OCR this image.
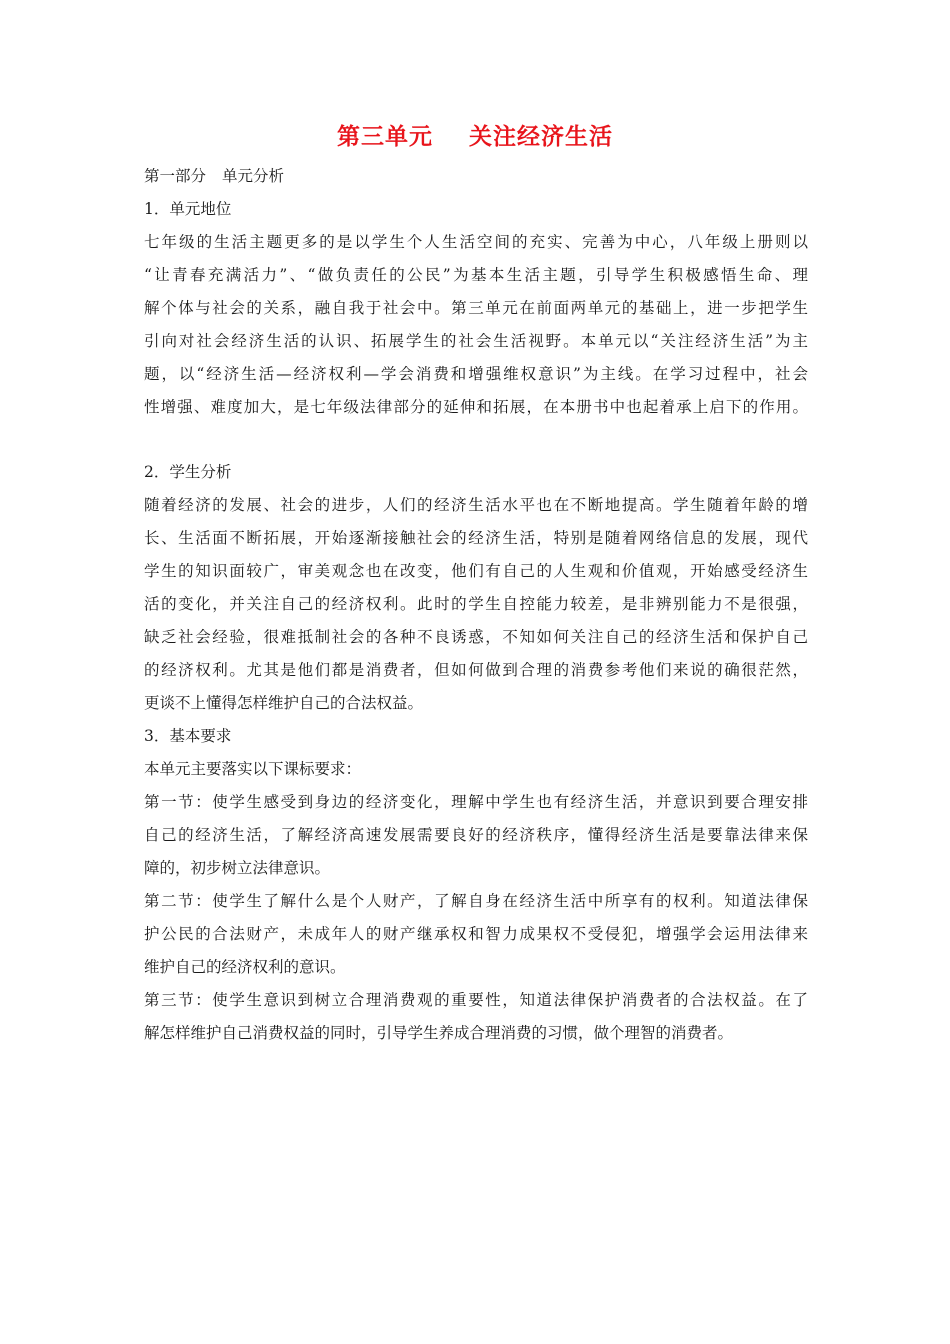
第三单元 关注经济生活
第一部分 单元分析
1．单元地位
七年级的生活主题更多的是以学生个人生活空间的充实、完善为中心，八年级上册则以
“让青春充满活力”、“做负责任的公民”为基本生活主题，引导学生积极感悟生命、理
解个体与社会的关系，融自我于社会中。第三单元在前面两单元的基础上，进一步把学生
引向对社会经济生活的认识、拓展学生的社会生活视野。本单元以“关注经济生活”为主
题，以“经济生活—经济权利—学会消费和增强维权意识”为主线。在学习过程中，社会
性增强、难度加大，是七年级法律部分的延伸和拓展，在本册书中也起着承上启下的作用。
2．学生分析
随着经济的发展、社会的进步，人们的经济生活水平也在不断地提高。学生随着年龄的增
长、生活面不断拓展，开始逐渐接触社会的经济生活，特别是随着网络信息的发展，现代
学生的知识面较广，审美观念也在改变，他们有自己的人生观和价值观，开始感受经济生
活的变化，并关注自己的经济权利。此时的学生自控能力较差，是非辨别能力不是很强，
缺乏社会经验，很难抵制社会的各种不良诱惑，不知如何关注自己的经济生活和保护自己
的经济权利。尤其是他们都是消费者，但如何做到合理的消费参考他们来说的确很茫然，
更谈不上懂得怎样维护自己的合法权益。
3．基本要求
本单元主要落实以下课标要求：
第一节：使学生感受到身边的经济变化，理解中学生也有经济生活，并意识到要合理安排
自己的经济生活，了解经济高速发展需要良好的经济秩序，懂得经济生活是要靠法律来保
障的，初步树立法律意识。
第二节：使学生了解什么是个人财产，了解自身在经济生活中所享有的权利。知道法律保
护公民的合法财产，未成年人的财产继承权和智力成果权不受侵犯，增强学会运用法律来
维护自己的经济权利的意识。
第三节：使学生意识到树立合理消费观的重要性，知道法律保护消费者的合法权益。在了
解怎样维护自己消费权益的同时，引导学生养成合理消费的习惯，做个理智的消费者。
